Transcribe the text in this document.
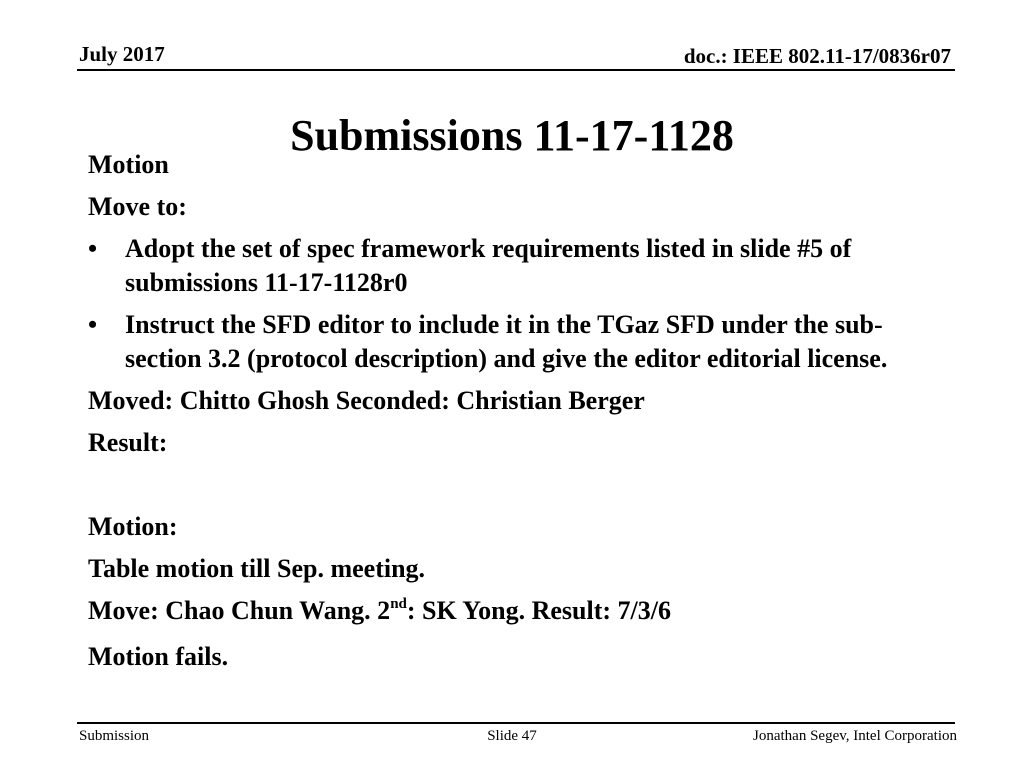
July 2017	doc.: IEEE 802.11-17/0836r07
Submissions 11-17-1128
Motion
Move to:
• Adopt the set of spec framework requirements listed in slide #5 of submissions 11-17-1128r0
• Instruct the SFD editor to include it in the TGaz SFD under the sub-section 3.2 (protocol description) and give the editor editorial license.
Moved: Chitto Ghosh Seconded: Christian Berger
Result:
Motion:
Table motion till Sep. meeting.
Move: Chao Chun Wang. 2nd: SK Yong. Result: 7/3/6
Motion fails.
Submission	Slide 47	Jonathan Segev, Intel Corporation
